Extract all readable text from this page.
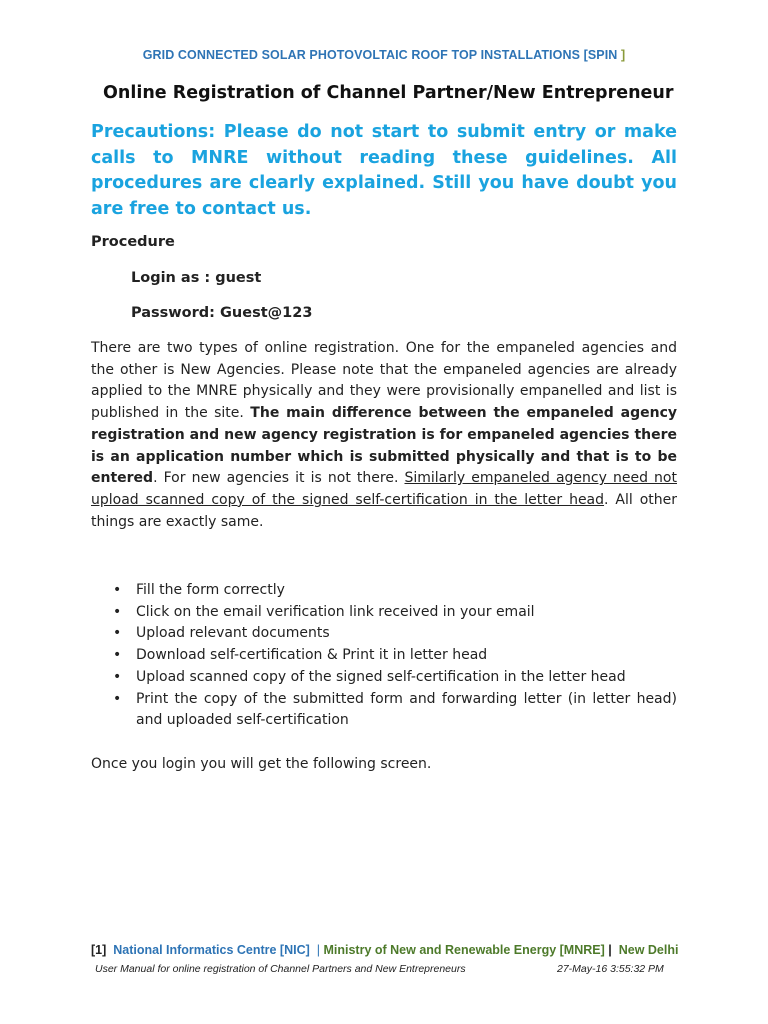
GRID CONNECTED SOLAR PHOTOVOLTAIC ROOF TOP INSTALLATIONS [SPIN ]
Online Registration of Channel Partner/New Entrepreneur
Precautions: Please do not start to submit entry or make calls to MNRE without reading these guidelines. All procedures are clearly explained. Still you have doubt you are free to contact us.
Procedure
Login as : guest
Password: Guest@123
There are two types of online registration. One for the empaneled agencies and the other is New Agencies. Please note that the empaneled agencies are already applied to the MNRE physically and they were provisionally empanelled and list is published in the site. The main difference between the empaneled agency registration and new agency registration is for empaneled agencies there is an application number which is submitted physically and that is to be entered. For new agencies it is not there. Similarly empaneled agency need not upload scanned copy of the signed self-certification in the letter head. All other things are exactly same.
• Fill the form correctly
• Click on the email verification link received in your email
• Upload relevant documents
• Download self-certification & Print it in letter head
• Upload scanned copy of the signed self-certification in the letter head
• Print the copy of the submitted form and forwarding letter (in letter head) and uploaded self-certification
Once you login you will get the following screen.
[1] National Informatics Centre [NIC] | Ministry of New and Renewable Energy [MNRE] | New Delhi
User Manual for online registration of Channel Partners and New Entrepreneurs	27-May-16 3:55:32 PM
